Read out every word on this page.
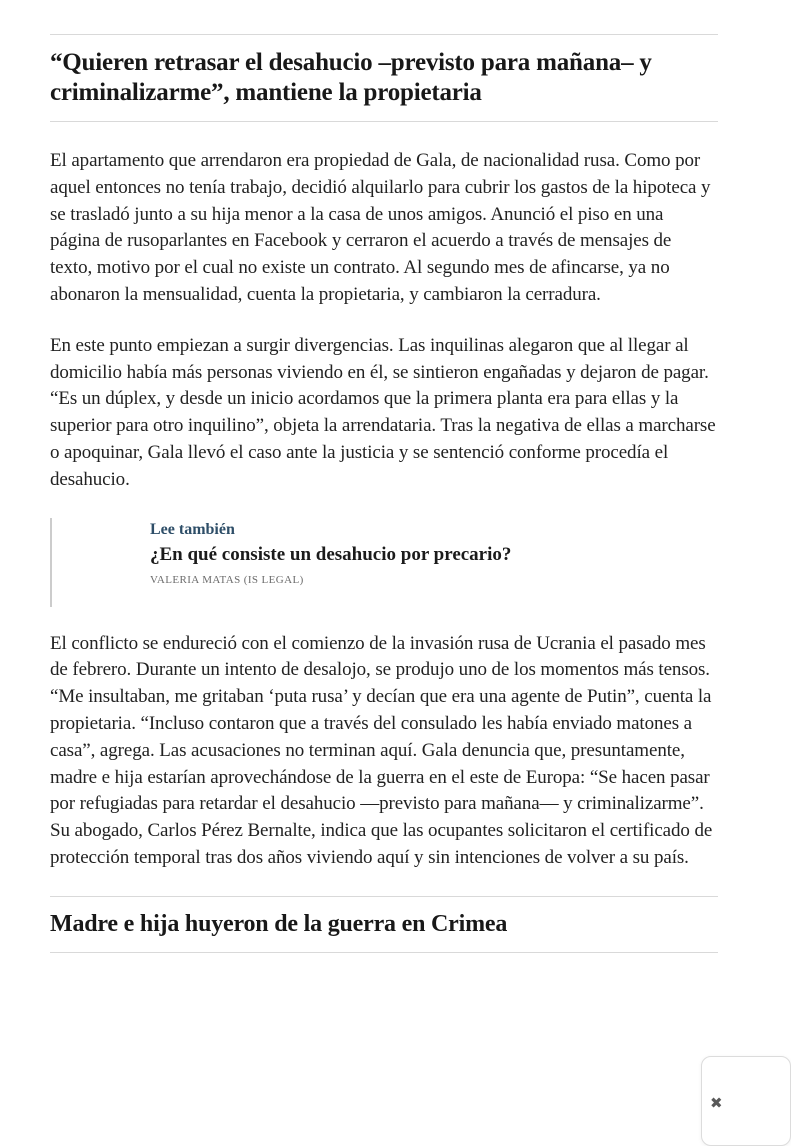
“Quieren retrasar el desahucio –previsto para mañana– y criminalizarme”, mantiene la propietaria

El apartamento que arrendaron era propiedad de Gala, de nacionalidad rusa. Como por aquel entonces no tenía trabajo, decidió alquilarlo para cubrir los gastos de la hipoteca y se trasladó junto a su hija menor a la casa de unos amigos. Anunció el piso en una página de rusoparlantes en Facebook y cerraron el acuerdo a través de mensajes de texto, motivo por el cual no existe un contrato. Al segundo mes de afincarse, ya no abonaron la mensualidad, cuenta la propietaria, y cambiaron la cerradura.

En este punto empiezan a surgir divergencias. Las inquilinas alegaron que al llegar al domicilio había más personas viviendo en él, se sintieron engañadas y dejaron de pagar. “Es un dúplex, y desde un inicio acordamos que la primera planta era para ellas y la superior para otro inquilino”, objeta la arrendataria. Tras la negativa de ellas a marcharse o apoquinar, Gala llevó el caso ante la justicia y se sentenció conforme procedía el desahucio.

Lee también
¿En qué consiste un desahucio por precario?
VALERIA MATAS (IS LEGAL)

El conflicto se endureció con el comienzo de la invasión rusa de Ucrania el pasado mes de febrero. Durante un intento de desalojo, se produjo uno de los momentos más tensos. “Me insultaban, me gritaban ‘puta rusa’ y decían que era una agente de Putin”, cuenta la propietaria. “Incluso contaron que a través del consulado les había enviado matones a casa”, agrega. Las acusaciones no terminan aquí. Gala denuncia que, presuntamente, madre e hija estarían aprovechándose de la guerra en el este de Europa: “Se hacen pasar por refugiadas para retardar el desahucio —previsto para mañana— y criminalizarme”. Su abogado, Carlos Pérez Bernalte, indica que las ocupantes solicitaron el certificado de protección temporal tras dos años viviendo aquí y sin intenciones de volver a su país.

Madre e hija huyeron de la guerra en Crimea
✖
